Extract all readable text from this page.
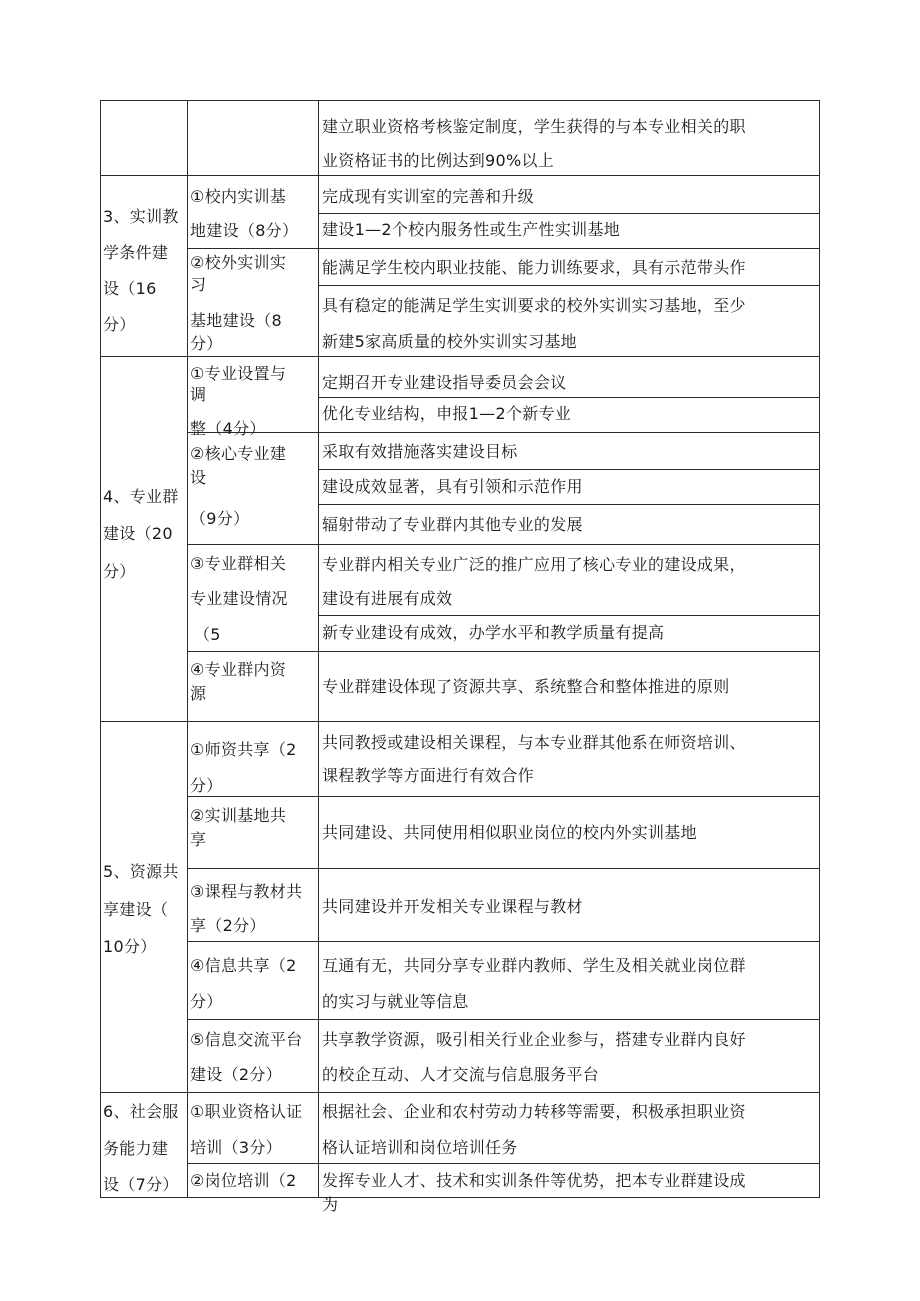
建立职业资格考核鉴定制度，学生获得的与本专业相关的职
业资格证书的比例达到90%以上
3、实训教
学条件建
设（16
分）
①校内实训基
地建设（8分）
完成现有实训室的完善和升级
建设1—2个校内服务性或生产性实训基地
②校外实训实
习
基地建设（8
分）
能满足学生校内职业技能、能力训练要求，具有示范带头作
具有稳定的能满足学生实训要求的校外实训实习基地，至少
新建5家高质量的校外实训实习基地
4、专业群
建设（20
分）
①专业设置与
调
整（4分）
定期召开专业建设指导委员会会议
优化专业结构，申报1—2个新专业
②核心专业建
设
（9分）
采取有效措施落实建设目标
建设成效显著，具有引领和示范作用
辐射带动了专业群内其他专业的发展
③专业群相关
专业建设情况
（5
专业群内相关专业广泛的推广应用了核心专业的建设成果，
建设有进展有成效
新专业建设有成效，办学水平和教学质量有提高
④专业群内资
源	专业群建设体现了资源共享、系统整合和整体推进的原则
5、资源共
享建设（
10分）
①师资共享（2
分）
共同教授或建设相关课程，与本专业群其他系在师资培训、
课程教学等方面进行有效合作
②实训基地共
享	共同建设、共同使用相似职业岗位的校内外实训基地
③课程与教材共
享（2分）
共同建设并开发相关专业课程与教材
④信息共享（2
分）
互通有无，共同分享专业群内教师、学生及相关就业岗位群
的实习与就业等信息
⑤信息交流平台
建设（2分）
共享教学资源，吸引相关行业企业参与，搭建专业群内良好
的校企互动、人才交流与信息服务平台
6、社会服
务能力建
设（7分）
①职业资格认证
培训（3分）
根据社会、企业和农村劳动力转移等需要，积极承担职业资
格认证培训和岗位培训任务
②岗位培训（2 发挥专业人才、技术和实训条件等优势，把本专业群建设成
为
